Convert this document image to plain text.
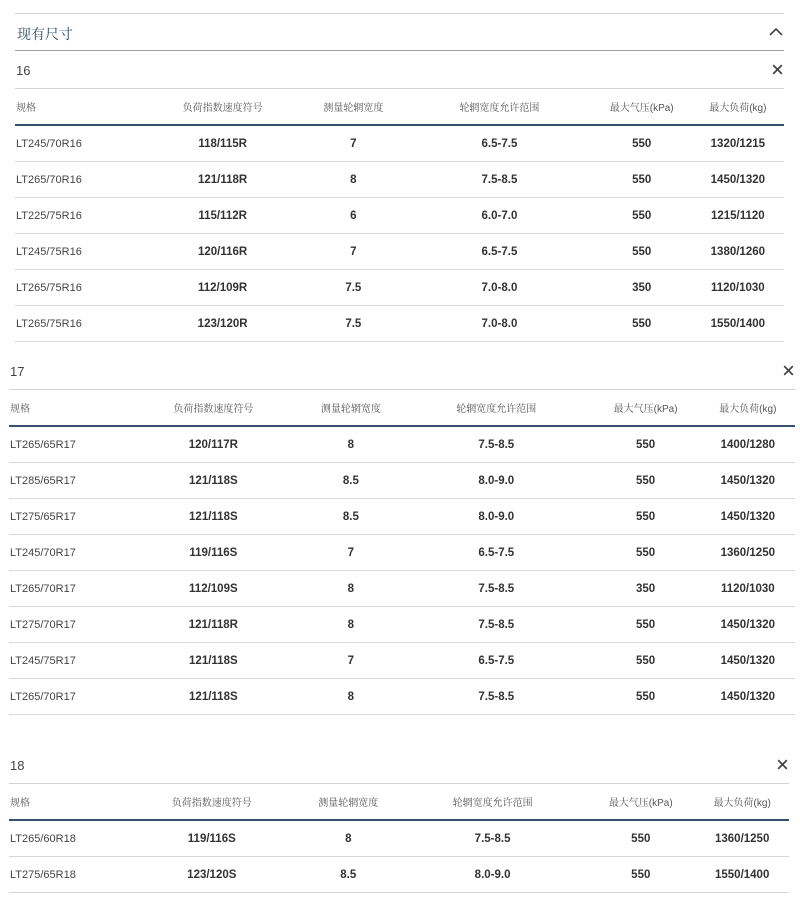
现有尺寸
16
规格	负荷指数速度符号	测量轮辋宽度	轮辋宽度允许范围	最大气压(kPa)	最大负荷(kg)
LT245/70R16	118/115R	7	6.5-7.5	550	1320/1215
LT265/70R16	121/118R	8	7.5-8.5	550	1450/1320
LT225/75R16	115/112R	6	6.0-7.0	550	1215/1120
LT245/75R16	120/116R	7	6.5-7.5	550	1380/1260
LT265/75R16	112/109R	7.5	7.0-8.0	350	1120/1030
LT265/75R16	123/120R	7.5	7.0-8.0	550	1550/1400
17
规格	负荷指数速度符号	测量轮辋宽度	轮辋宽度允许范围	最大气压(kPa)	最大负荷(kg)
LT265/65R17	120/117R	8	7.5-8.5	550	1400/1280
LT285/65R17	121/118S	8.5	8.0-9.0	550	1450/1320
LT275/65R17	121/118S	8.5	8.0-9.0	550	1450/1320
LT245/70R17	119/116S	7	6.5-7.5	550	1360/1250
LT265/70R17	112/109S	8	7.5-8.5	350	1120/1030
LT275/70R17	121/118R	8	7.5-8.5	550	1450/1320
LT245/75R17	121/118S	7	6.5-7.5	550	1450/1320
LT265/70R17	121/118S	8	7.5-8.5	550	1450/1320
18
规格	负荷指数速度符号	测量轮辋宽度	轮辋宽度允许范围	最大气压(kPa)	最大负荷(kg)
LT265/60R18	119/116S	8	7.5-8.5	550	1360/1250
LT275/65R18	123/120S	8.5	8.0-9.0	550	1550/1400
